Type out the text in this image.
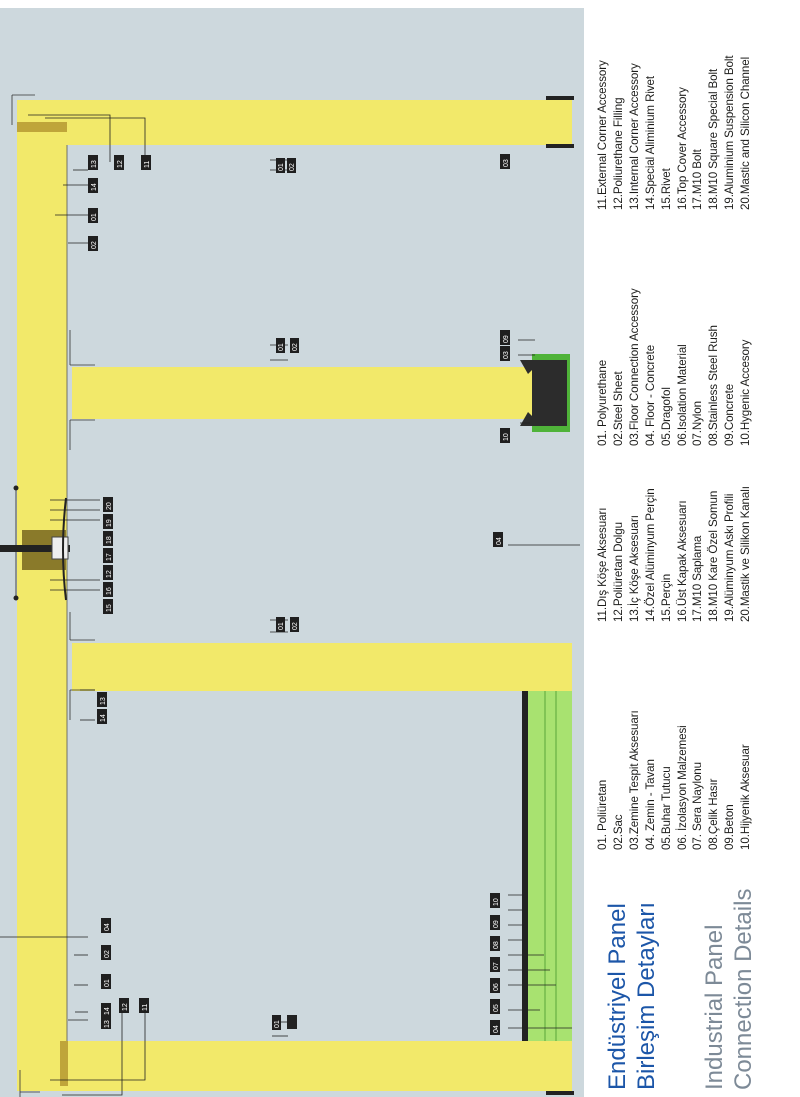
13
14
01
02
12	11	01 02
03
01 02
09
03
10
20
19
18
17
12
16
15
04
01 02
13
14
10
09
08
07
06
05
04
04
02
01
14
13
12 11
01	Endüstriyel Panel Birleşim Detayları Industrial Panel Connection Details
01. Poliüretan 02.Sac 03.Zemine Tespit Aksesuarı 04. Zemin - Tavan 05.Buhar Tutucu 06. İzolasyon Malzemesi 07. Sera Naylonu 08.Çelik Hasır 09.Beton 10.Hijyenik Aksesuar
11.Dış Köşe Aksesuarı 12.Poliüretan Dolgu 13.İç Köşe Aksesuarı 14.Özel Alüminyum Perçin 15.Perçin 16.Üst Kapak Aksesuarı 17.M10 Saplama 18.M10 Kare Özel Somun 19.Alüminyum Askı Profili 20.Mastik ve Silikon Kanalı
01. Polyurethane 02.Steel Sheet 03.Floor Connection Accessory 04. Floor - Concrete 05.Dragofol 06.Isolation Material 07.Nylon 08.Stainless Steel Rush 09.Concrete 10.Hygenic Accesory
11.External Corner Accessory 12.Poliurethane Filling 13.Internal Corner Accessory 14.Special Aliminium Rivet 15.Rivet 16.Top Cover Accessory 17.M10 Bolt 18.M10 Square Special Bolt 19.Aluminium Suspension Bolt 20.Mastic and Silicon Channel
